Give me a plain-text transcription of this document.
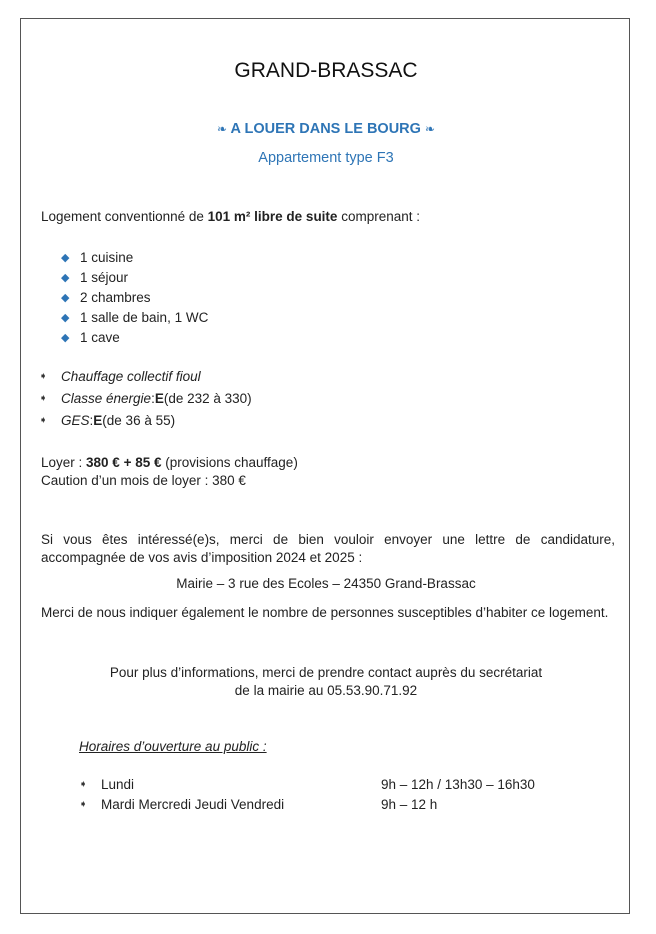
GRAND-BRASSAC
❧ A LOUER DANS LE BOURG ❧
Appartement type F3
Logement conventionné de 101 m² libre de suite comprenant :
◆ 1 cuisine
◆ 1 séjour
◆ 2 chambres
◆ 1 salle de bain, 1 WC
◆ 1 cave
➧	Chauffage collectif fioul
➧	Classe énergie : E (de 232 à 330)
➧	GES : E (de 36 à 55)
Loyer : 380 € + 85 € (provisions chauffage)
Caution d’un mois de loyer : 380 €
Si vous êtes intéressé(e)s, merci de bien vouloir envoyer une lettre de candidature, accompagnée de vos avis d’imposition 2024 et 2025 :
Mairie – 3 rue des Ecoles – 24350 Grand-Brassac
Merci de nous indiquer également le nombre de personnes susceptibles d’habiter ce logement.
Pour plus d’informations, merci de prendre contact auprès du secrétariat
de la mairie au 05.53.90.71.92
Horaires d’ouverture au public :
➧	Lundi	9h – 12h / 13h30 – 16h30
➧	Mardi Mercredi Jeudi Vendredi	9h – 12 h
